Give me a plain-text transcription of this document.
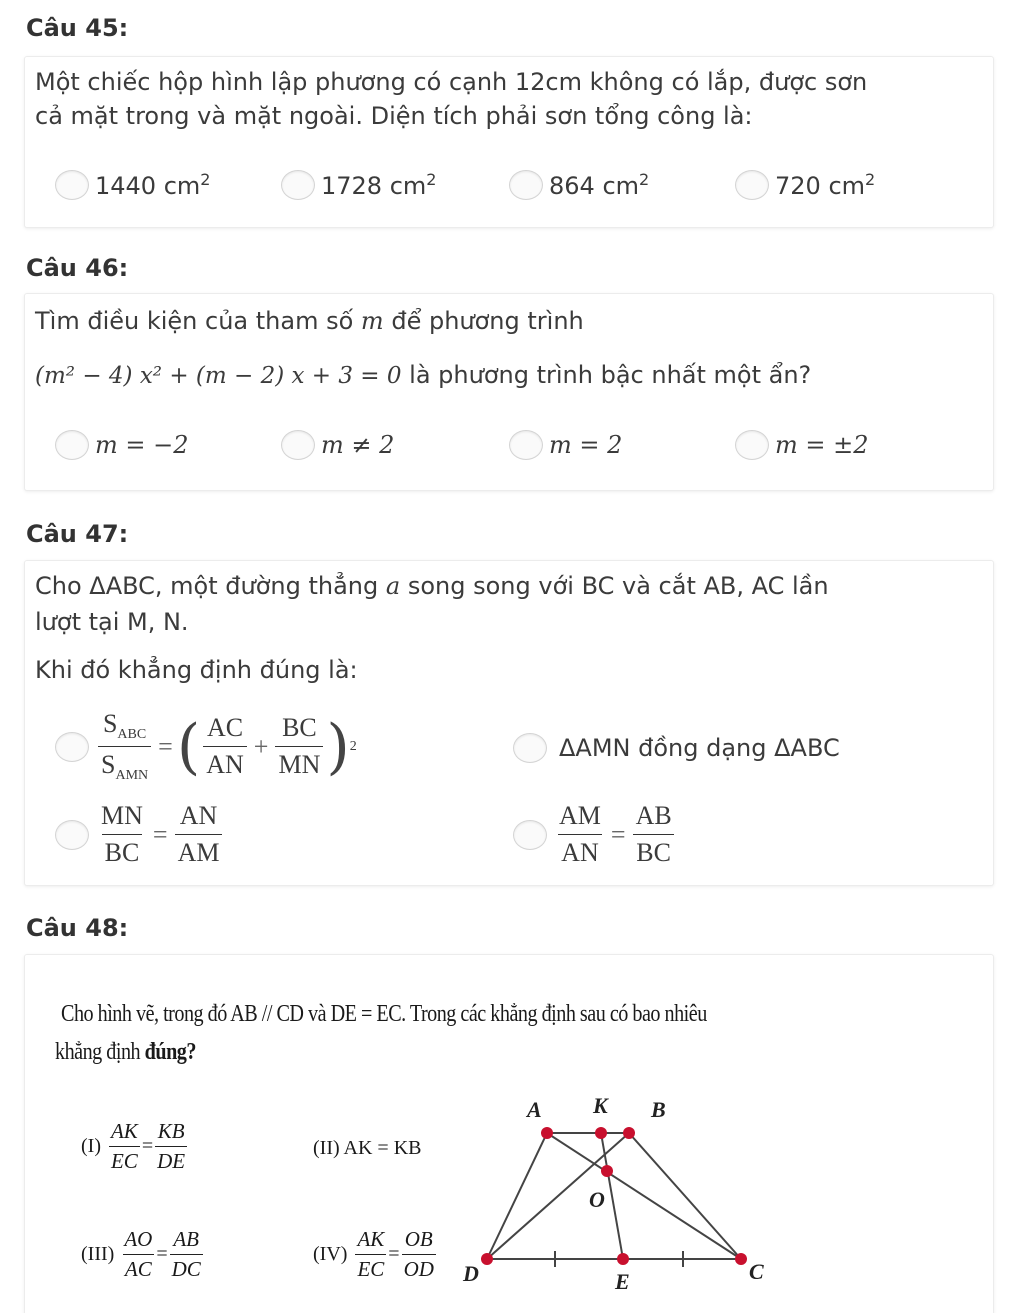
Câu 45:
Một chiếc hộp hình lập phương có cạnh 12cm không có lắp, được sơn
cả mặt trong và mặt ngoài. Diện tích phải sơn tổng công là:
1440 $cm^2$	1728 $cm^2$	864 $cm^2$	720 $cm^2$
Câu 46:
Tìm điều kiện của tham số m để phương trình
(m² − 4) x² + (m − 2) x + 3 = 0 là phương trình bậc nhất một ẩn?
m = −2	m ≠ 2	m = 2	m = ±2
Câu 47:
Cho ΔABC, một đường thẳng a song song với BC và cắt AB, AC lần
lượt tại M, N.
Khi đó khẳng định đúng là:
$\frac{S_{ABC}}{S_{AMN}}$ = ( $\frac{AC}{AN} + \frac{BC}{MN}$ ) 2	ΔAMN đồng dạng ΔABC
$\frac{MN}{BC} = \frac{AN}{AM}$	$\frac{AM}{AN} = \frac{AB}{BC}$
Câu 48:
Cho hình vẽ, trong đó AB // CD và DE = EC. Trong các khẳng định sau có bao nhiêu
khẳng định đúng?
$(I) \frac{AK}{EC} = \frac{KB}{DE}$	(II) AK = KB
$(III) \frac{AO}{AC} = \frac{AB}{DC}$	$(IV) \frac{AK}{EC} = \frac{OB}{OD}$
A K B
O
D	E	C
